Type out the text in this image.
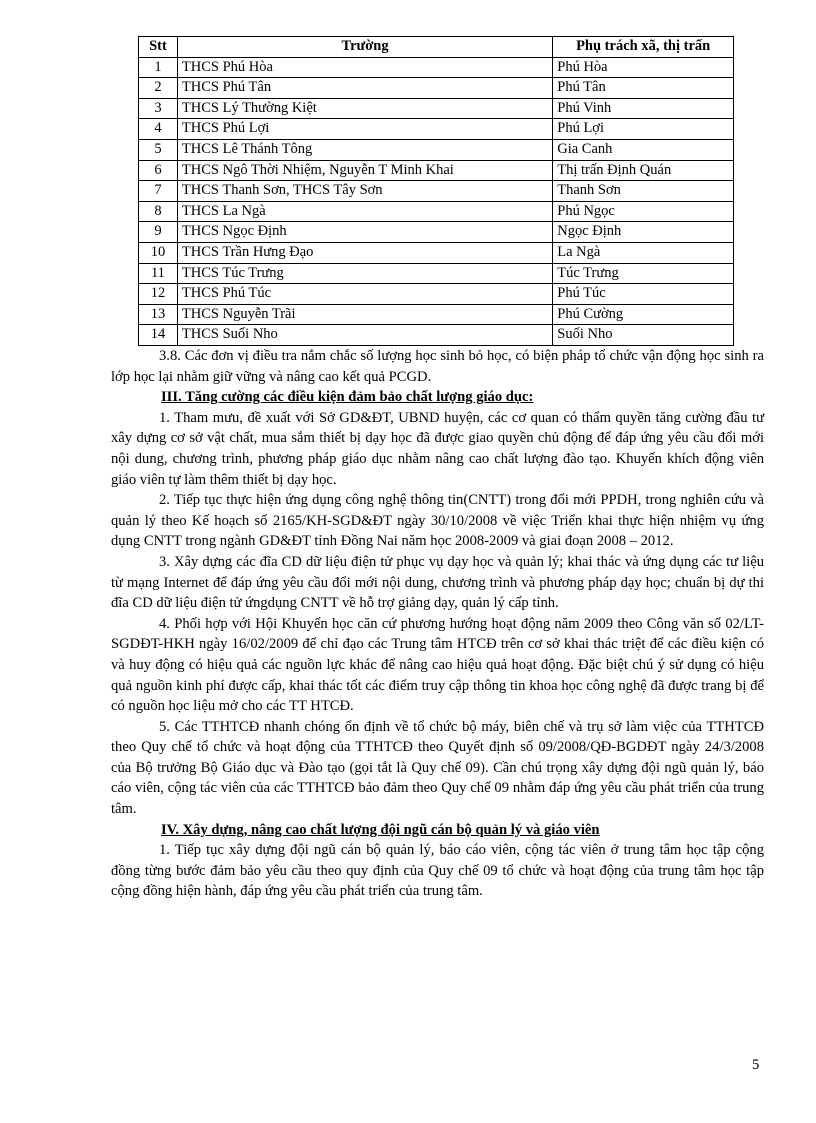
Stt	Trường	Phụ trách xã, thị trấn
1	THCS Phú Hòa	Phú Hòa
2	THCS Phú Tân	Phú Tân
3	THCS Lý Thường Kiệt	Phú Vinh
4	THCS Phú Lợi	Phú Lợi
5	THCS Lê Thánh Tông	Gia Canh
6	THCS Ngô Thời Nhiệm, Nguyễn T Minh Khai	Thị trấn Định Quán
7	THCS Thanh Sơn, THCS Tây Sơn	Thanh Sơn
8	THCS La Ngà	Phú Ngọc
9	THCS Ngọc Định	Ngọc Định
10	THCS Trần Hưng Đạo	La Ngà
11	THCS Túc Trưng	Túc Trưng
12	THCS Phú Túc	Phú Túc
13	THCS Nguyễn Trãi	Phú Cường
14	THCS Suối Nho	Suối Nho

3.8. Các đơn vị điều tra nắm chắc số lượng học sinh bỏ học, có biện pháp tổ chức vận động học sinh ra lớp học lại nhằm giữ vững và nâng cao kết quả PCGD.

III. Tăng cường các điều kiện đảm bảo chất lượng giáo dục:

1. Tham mưu, đề xuất với Sở GD&ĐT, UBND huyện, các cơ quan có thẩm quyền tăng cường đầu tư xây dựng cơ sở vật chất, mua sắm thiết bị dạy học đã được giao quyền chủ động để đáp ứng yêu cầu đổi mới nội dung, chương trình, phương pháp giáo dục nhằm nâng cao chất lượng đào tạo. Khuyến khích động viên giáo viên tự làm thêm thiết bị dạy học.

2. Tiếp tục thực hiện ứng dụng công nghệ thông tin(CNTT) trong đổi mới PPDH, trong nghiên cứu và quản lý theo Kế hoạch số 2165/KH-SGD&ĐT ngày 30/10/2008 về việc Triển khai thực hiện nhiệm vụ ứng dụng CNTT trong ngành GD&ĐT tỉnh Đồng Nai năm học 2008-2009 và giai đoạn 2008 – 2012.

3. Xây dựng các đĩa CD dữ liệu điện tử phục vụ dạy học và quản lý; khai thác và ứng dụng các tư liệu từ mạng Internet để đáp ứng yêu cầu đổi mới nội dung, chương trình và phương pháp dạy học; chuẩn bị dự thi đĩa CD dữ liệu điện tử ứngdụng CNTT về hỗ trợ giảng dạy, quản lý cấp tỉnh.

4. Phối hợp với Hội Khuyến học căn cứ phương hướng hoạt động năm 2009 theo Công văn số 02/LT-SGDĐT-HKH ngày 16/02/2009 để chỉ đạo các Trung tâm HTCĐ trên cơ sở khai thác triệt để các điều kiện có và huy động có hiệu quả các nguồn lực khác để nâng cao hiệu quả hoạt động. Đặc biệt chú ý sử dụng có hiệu quả nguồn kinh phí được cấp, khai thác tốt các điểm truy cập thông tin khoa học công nghệ đã được trang bị để có nguồn học liệu mở cho các TT HTCĐ.

5. Các TTHTCĐ nhanh chóng ổn định về tổ chức bộ máy, biên chế và trụ sở làm việc của TTHTCĐ theo Quy chế tổ chức và hoạt động của TTHTCĐ theo Quyết định số 09/2008/QĐ-BGDĐT ngày 24/3/2008 của Bộ trưởng Bộ Giáo dục và Đào tạo (gọi tắt là Quy chế 09). Cần chú trọng xây dựng đội ngũ quản lý, báo cáo viên, cộng tác viên của các TTHTCĐ bảo đảm theo Quy chế 09 nhằm đáp ứng yêu cầu phát triển của trung tâm.

IV. Xây dựng, nâng cao chất lượng đội ngũ cán bộ quản lý và giáo viên

1. Tiếp tục xây dựng đội ngũ cán bộ quản lý, báo cáo viên, cộng tác viên ở trung tâm học tập cộng đồng từng bước đảm bảo yêu cầu theo quy định của Quy chế 09 tổ chức và hoạt động của trung tâm học tập cộng đồng hiện hành, đáp ứng yêu cầu phát triển của trung tâm.

5
